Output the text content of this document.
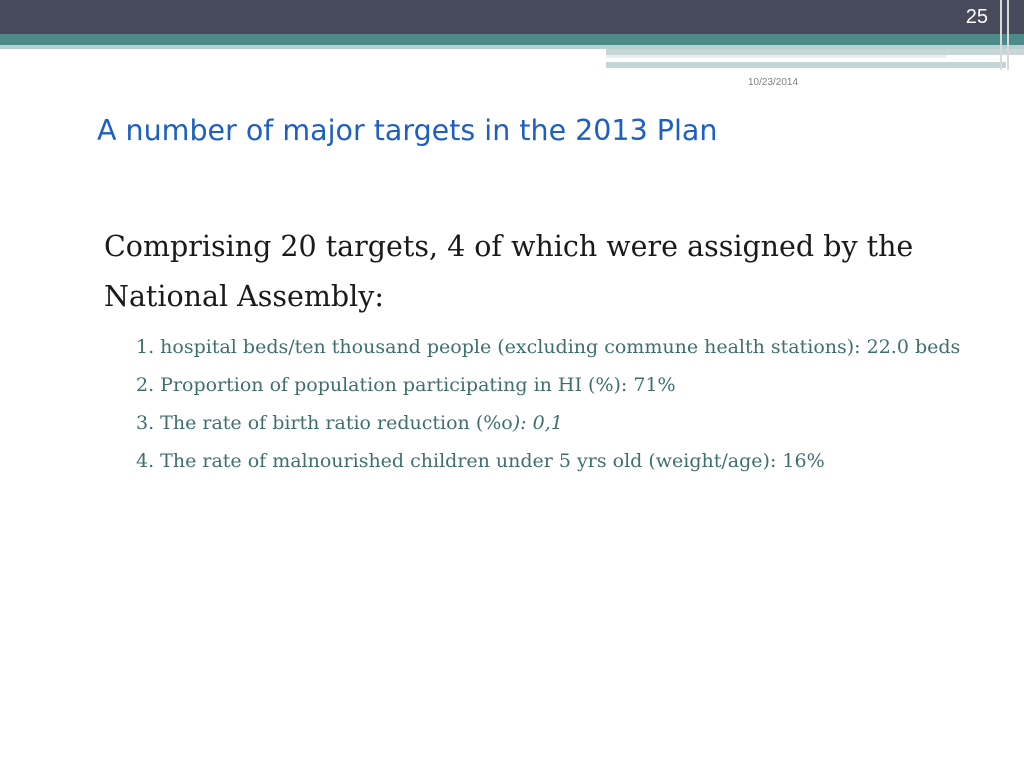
25
10/23/2014
A number of major targets in the 2013 Plan

Comprising 20 targets, 4 of which were assigned by the National Assembly:

1. hospital beds/ten thousand people (excluding commune health stations): 22.0 beds
2. Proportion of population participating in HI (%): 71%
3. The rate of birth ratio reduction (%o): 0,1
4. The rate of malnourished children under 5 yrs old (weight/age): 16%
